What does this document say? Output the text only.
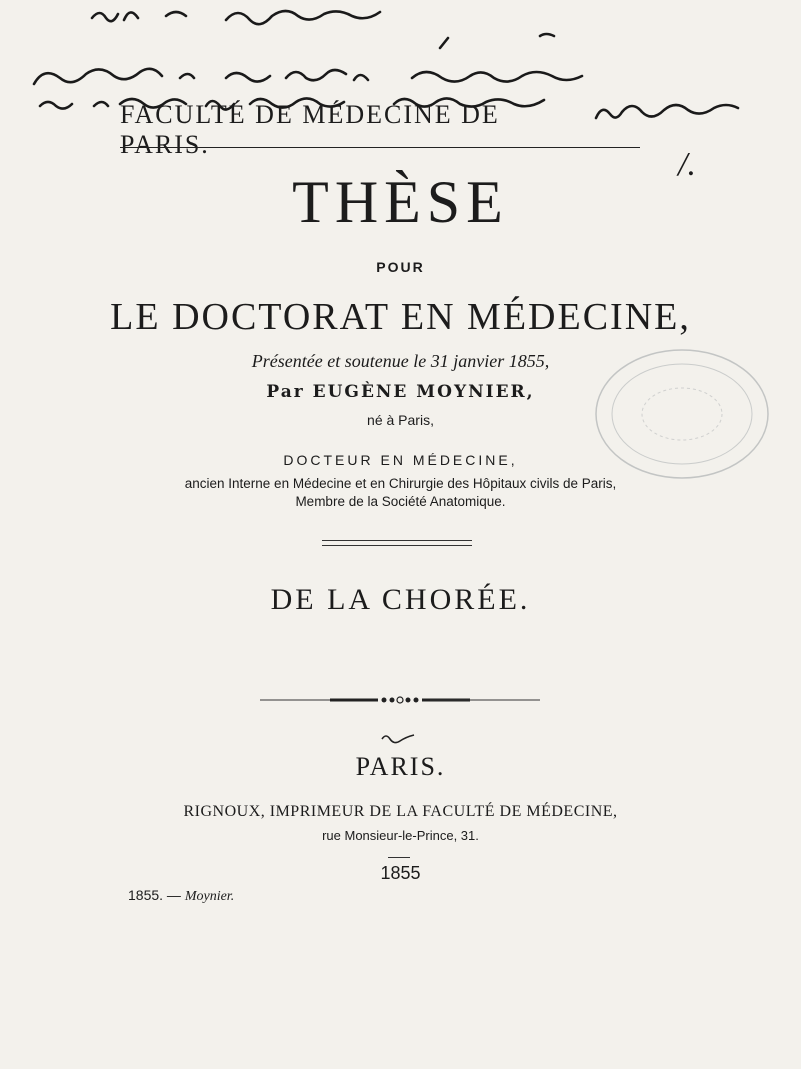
FACULTÉ DE MÉDECINE DE PARIS.
/.
THÈSE
POUR
LE DOCTORAT EN MÉDECINE,
Présentée et soutenue le 31 janvier 1855,
Par EUGÈNE MOYNIER,
né à Paris,
DOCTEUR EN MÉDECINE,
ancien Interne en Médecine et en Chirurgie des Hôpitaux civils de Paris,
Membre de la Société Anatomique.
DE LA CHORÉE.
PARIS.
RIGNOUX, IMPRIMEUR DE LA FACULTÉ DE MÉDECINE,
rue Monsieur-le-Prince, 31.
1855
1855. — Moynier.
